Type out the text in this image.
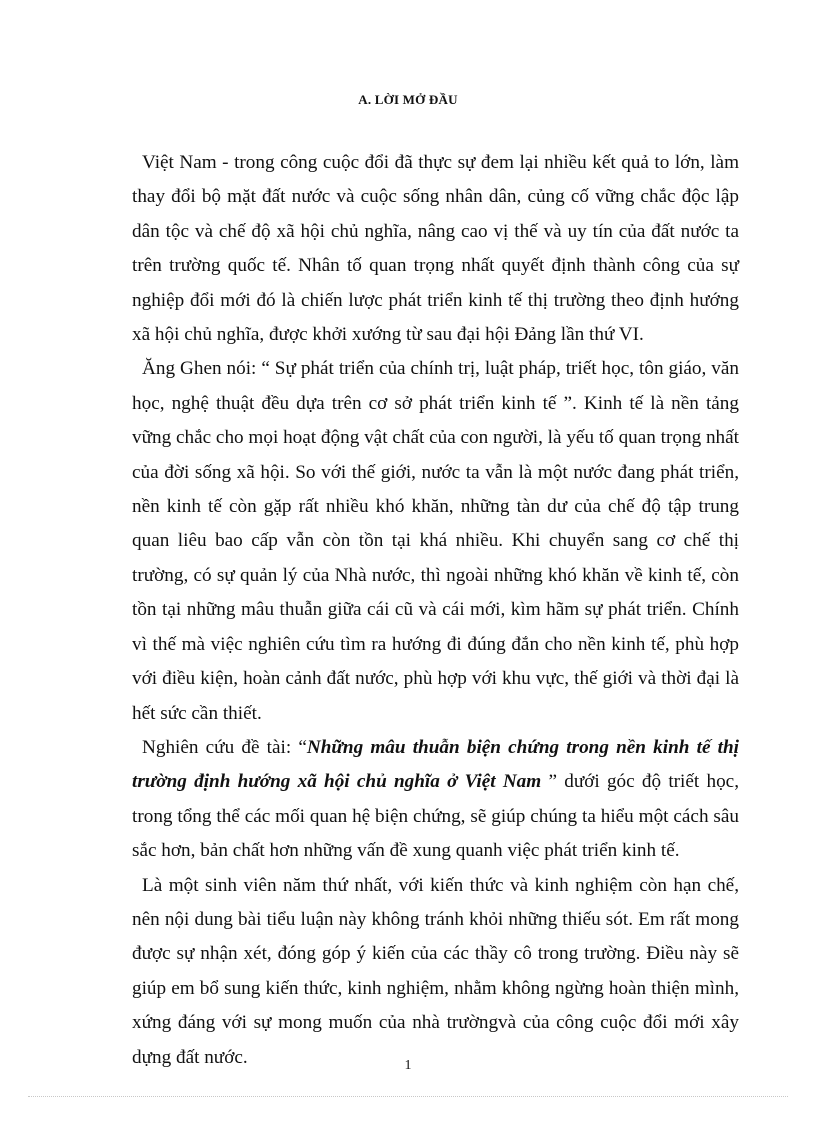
A. LỜI MỞ ĐẦU

Việt Nam - trong công cuộc đổi đã thực sự đem lại nhiều kết quả to lớn, làm thay đổi bộ mặt đất nước và cuộc sống nhân dân, củng cố vững chắc độc lập dân tộc và chế độ xã hội chủ nghĩa, nâng cao vị thế và uy tín của đất nước ta trên trường quốc tế. Nhân tố quan trọng nhất quyết định thành công của sự nghiệp đổi mới đó là chiến lược phát triển kinh tế thị trường theo định hướng xã hội chủ nghĩa, được khởi xướng từ sau đại hội Đảng lần thứ VI.

Ăng Ghen nói: “ Sự phát triển của chính trị, luật pháp, triết học, tôn giáo, văn học, nghệ thuật đều dựa trên cơ sở phát triển kinh tế ”. Kinh tế là nền tảng vững chắc cho mọi hoạt động vật chất của con người, là yếu tố quan trọng nhất của đời sống xã hội. So với thế giới, nước ta vẫn là một nước đang phát triển, nền kinh tế còn gặp rất nhiều khó khăn, những tàn dư của chế độ tập trung quan liêu bao cấp vẫn còn tồn tại khá nhiều. Khi chuyển sang cơ chế thị trường, có sự quản lý của Nhà nước, thì ngoài những khó khăn về kinh tế, còn tồn tại những mâu thuẫn giữa cái cũ và cái mới, kìm hãm sự phát triển. Chính vì thế mà việc nghiên cứu tìm ra hướng đi đúng đắn cho nền kinh tế, phù hợp với điều kiện, hoàn cảnh đất nước, phù hợp với khu vực, thế giới và thời đại là hết sức cần thiết.

Nghiên cứu đề tài: “Những mâu thuẫn biện chứng trong nền kinh tế thị trường định hướng xã hội chủ nghĩa ở Việt Nam ” dưới góc độ triết học, trong tổng thể các mối quan hệ biện chứng, sẽ giúp chúng ta hiểu một cách sâu sắc hơn, bản chất hơn những vấn đề xung quanh việc phát triển kinh tế.

Là một sinh viên năm thứ nhất, với kiến thức và kinh nghiệm còn hạn chế, nên nội dung bài tiểu luận này không tránh khỏi những thiếu sót. Em rất mong được sự nhận xét, đóng góp ý kiến của các thầy cô trong trường. Điều này sẽ giúp em bổ sung kiến thức, kinh nghiệm, nhằm không ngừng hoàn thiện mình, xứng đáng với sự mong muốn của nhà trườngvà của công cuộc đổi mới xây dựng đất nước.	1
